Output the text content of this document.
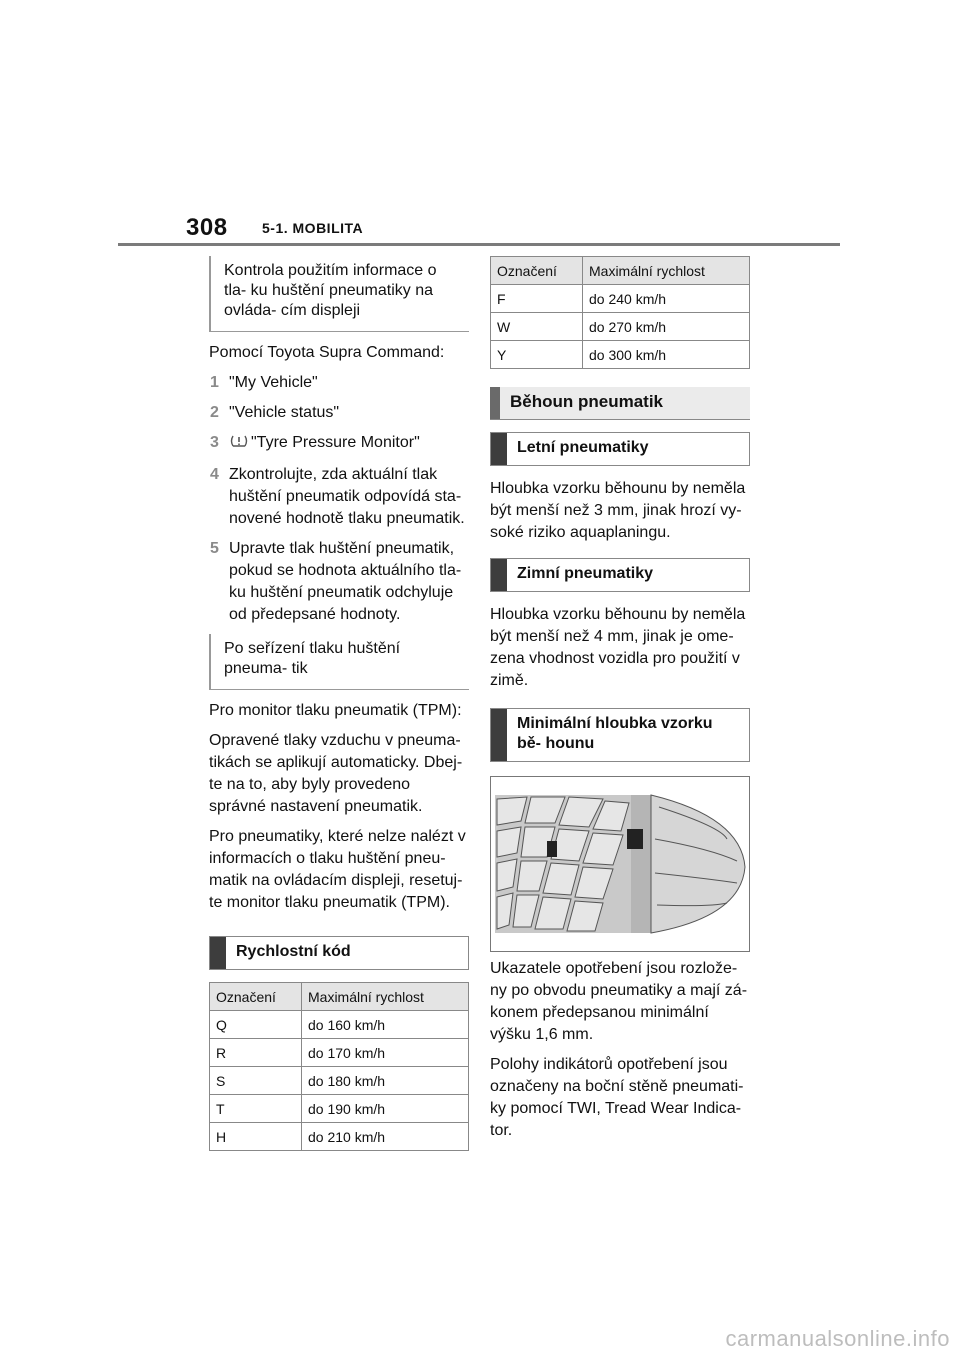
308 5-1. MOBILITA
Kontrola použitím informace o tla- ku huštění pneumatiky na ovláda- cím displeji

Pomocí Toyota Supra Command:

1 "My Vehicle"
2 "Vehicle status"
3 "Tyre Pressure Monitor"
4 Zkontrolujte, zda aktuální tlak huštění pneumatik odpovídá sta- novené hodnotě tlaku pneumatik.
5 Upravte tlak huštění pneumatik, pokud se hodnota aktuálního tla- ku huštění pneumatik odchyluje od předepsané hodnoty.
Po seřízení tlaku huštění pneuma- tik

Pro monitor tlaku pneumatik (TPM):

Opravené tlaky vzduchu v pneuma- tikách se aplikují automaticky. Dbej- te na to, aby byly provedeno správné nastavení pneumatik.

Pro pneumatiky, které nelze nalézt v informacích o tlaku huštění pneu- matik na ovládacím displeji, resetuj- te monitor tlaku pneumatik (TPM).

Rychlostní kód
Označení	Maximální rychlost
Q	do 160 km/h
R	do 170 km/h
S	do 180 km/h
T	do 190 km/h
H	do 210 km/h
Označení	Maximální rychlost
F	do 240 km/h
W	do 270 km/h
Y	do 300 km/h
Běhoun pneumatik
Letní pneumatiky

Hloubka vzorku běhounu by neměla být menší než 3 mm, jinak hrozí vy- soké riziko aquaplaningu.

Zimní pneumatiky

Hloubka vzorku běhounu by neměla být menší než 4 mm, jinak je ome- zena vhodnost vozidla pro použití v zimě.

Minimální hloubka vzorku bě- hounu

Ukazatele opotřebení jsou rozlože- ny po obvodu pneumatiky a mají zá- konem předepsanou minimální výšku 1,6 mm.

Polohy indikátorů opotřebení jsou označeny na boční stěně pneumati- ky pomocí TWI, Tread Wear Indica- tor.

carmanualsonline.info
